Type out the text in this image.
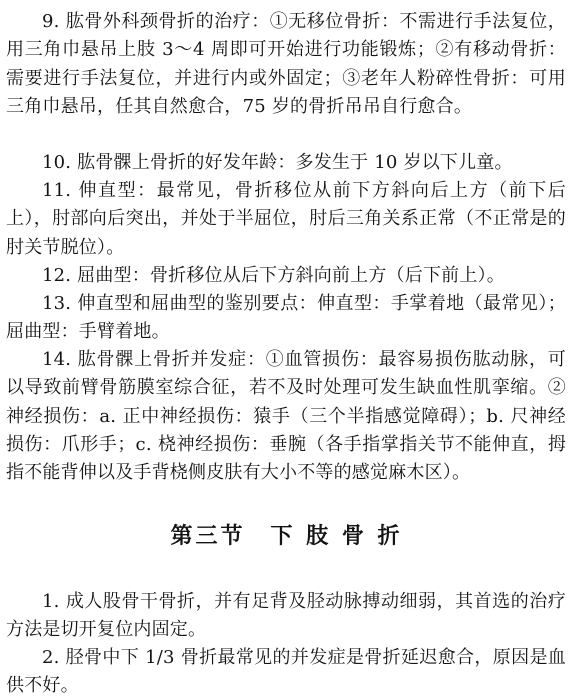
9. 肱骨外科颈骨折的治疗：①无移位骨折：不需进行手法复位，用三角巾悬吊上肢 3～4 周即可开始进行功能锻炼；②有移动骨折：需要进行手法复位，并进行内或外固定；③老年人粉碎性骨折：可用三角巾悬吊，任其自然愈合，75 岁的骨折吊吊自行愈合。

10. 肱骨髁上骨折的好发年龄：多发生于 10 岁以下儿童。

11. 伸直型：最常见，骨折移位从前下方斜向后上方（前下后上），肘部向后突出，并处于半屈位，肘后三角关系正常（不正常是的肘关节脱位）。

12. 屈曲型：骨折移位从后下方斜向前上方（后下前上）。

13. 伸直型和屈曲型的鉴别要点：伸直型：手掌着地（最常见）；屈曲型：手臂着地。

14. 肱骨髁上骨折并发症：①血管损伤：最容易损伤肱动脉，可以导致前臂骨筋膜室综合征，若不及时处理可发生缺血性肌挛缩。②神经损伤：a. 正中神经损伤：猿手（三个半指感觉障碍）；b. 尺神经损伤：爪形手；c. 桡神经损伤：垂腕（各手指掌指关节不能伸直，拇指不能背伸以及手背桡侧皮肤有大小不等的感觉麻木区）。

第三节　下 肢 骨 折

1. 成人股骨干骨折，并有足背及胫动脉搏动细弱，其首选的治疗方法是切开复位内固定。

2. 胫骨中下 1/3 骨折最常见的并发症是骨折延迟愈合，原因是血供不好。
